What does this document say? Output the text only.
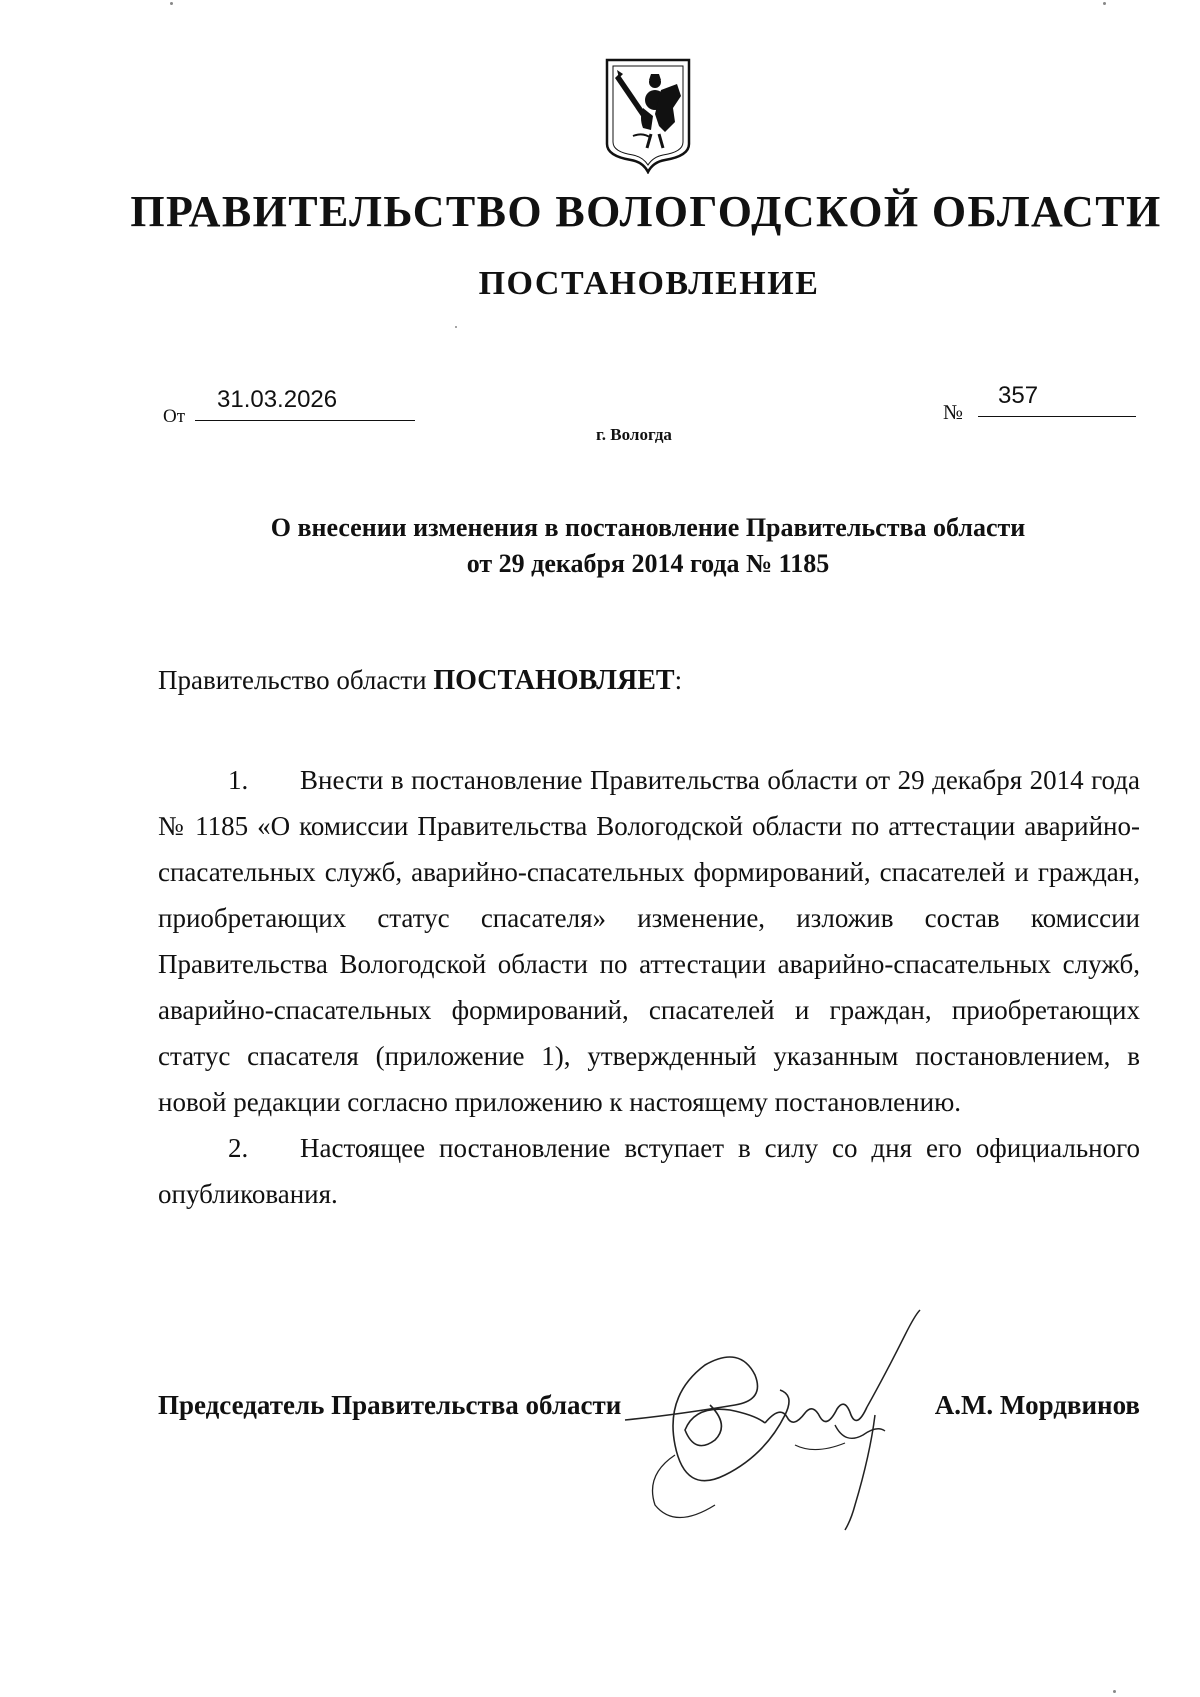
ПРАВИТЕЛЬСТВО ВОЛОГОДСКОЙ ОБЛАСТИ
ПОСТАНОВЛЕНИЕ
От
31.03.2026	№
357
г. Вологда
О внесении изменения в постановление Правительства области
от 29 декабря 2014 года № 1185
Правительство области ПОСТАНОВЛЯЕТ:

1. Внести в постановление Правительства области от 29 декабря 2014 года № 1185 «О комиссии Правительства Вологодской области по аттестации аварийно-спасательных служб, аварийно-спасательных формирований, спасателей и граждан, приобретающих статус спасателя» изменение, изложив состав комиссии Правительства Вологодской области по аттестации аварийно-спасательных служб, аварийно-спасательных формирований, спасателей и граждан, приобретающих статус спасателя (приложение 1), утвержденный указанным постановлением, в новой редакции согласно приложению к настоящему постановлению.

2. Настоящее постановление вступает в силу со дня его официального опубликования.

Председатель Правительства области	А.М. Мордвинов
